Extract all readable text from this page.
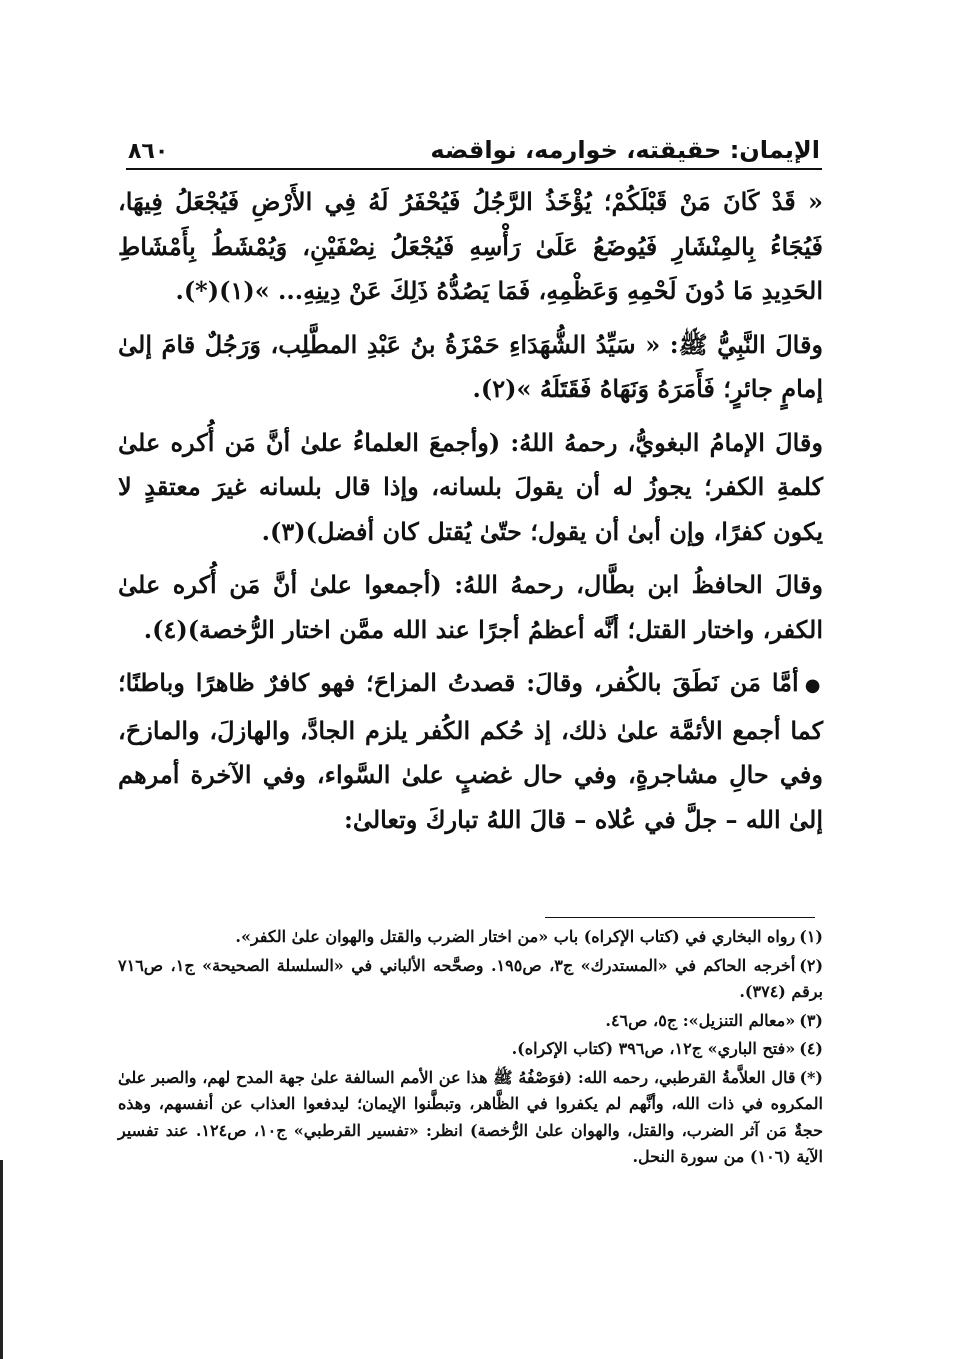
الإيمان: حقيقته، خوارمه، نواقضه
٨٦٠

« قَدْ كَانَ مَنْ قَبْلَكُمْ؛ يُؤْخَذُ الرَّجُلُ فَيُحْفَرُ لَهُ فِي الأَرْضِ فَيُجْعَلُ فِيهَا، فَيُجَاءُ بِالمِنْشَارِ فَيُوضَعُ عَلَىٰ رَأْسِهِ فَيُجْعَلُ نِصْفَيْنِ، وَيُمْشَطُ بِأَمْشَاطِ الحَدِيدِ مَا دُونَ لَحْمِهِ وَعَظْمِهِ، فَمَا يَصُدُّهُ ذَلِكَ عَنْ دِينِهِ... »(١)(*).

وقالَ النَّبِيُّ ﷺ: « سَيِّدُ الشُّهَدَاءِ حَمْزَةُ بنُ عَبْدِ المطَّلِب، وَرَجُلٌ قامَ إلىٰ إمامٍ جائرٍ؛ فَأَمَرَهُ وَنَهَاهُ فَقَتَلَهُ »(٢).

وقالَ الإمامُ البغويُّ، رحمهُ اللهُ: (وأجمعَ العلماءُ علىٰ أنَّ مَن أُكره علىٰ كلمةِ الكفر؛ يجوزُ له أن يقولَ بلسانه، وإذا قال بلسانه غيرَ معتقدٍ لا يكون كفرًا، وإن أبىٰ أن يقول؛ حتّىٰ يُقتل كان أفضل)(٣).

وقالَ الحافظُ ابن بطَّال، رحمهُ اللهُ: (أجمعوا علىٰ أنَّ مَن أُكره علىٰ الكفر، واختار القتل؛ أنَّه أعظمُ أجرًا عند الله ممَّن اختار الرُّخصة)(٤).

●أمَّا مَن نَطَقَ بالكُفر، وقالَ: قصدتُ المزاحَ؛ فهو كافرٌ ظاهرًا وباطنًا؛ كما أجمع الأئمَّة علىٰ ذلك، إذ حُكم الكُفر يلزم الجادَّ، والهازلَ، والمازحَ، وفي حالِ مشاجرةٍ، وفي حال غضبٍ علىٰ السَّواء، وفي الآخرة أمرهم إلىٰ الله – جلَّ في عُلاه – قالَ اللهُ تباركَ وتعالىٰ:

(١)رواه البخاري في (كتاب الإكراه) باب «من اختار الضرب والقتل والهوان علىٰ الكفر».

(٢)أخرجه الحاكم في «المستدرك» ج٣، ص١٩٥. وصحَّحه الألباني في «السلسلة الصحيحة» ج١، ص٧١٦ برقم (٣٧٤).

(٣)«معالم التنزيل»: ج٥، ص٤٦.

(٤)«فتح الباري» ج١٢، ص٣٩٦ (كتاب الإكراه).

(*)قال العلاَّمةُ القرطبي، رحمه الله: (فوَصْفُهُ ﷺ هذا عن الأمم السالفة علىٰ جهة المدح لهم، والصبر علىٰ المكروه في ذات الله، وأنَّهم لم يكفروا في الظَّاهر، وتبطَّنوا الإيمان؛ ليدفعوا العذاب عن أنفسهم، وهذه حجةٌ مَن آثر الضرب، والقتل، والهوان علىٰ الرُّخصة) انظر: «تفسير القرطبي» ج١٠، ص١٢٤. عند تفسير الآية (١٠٦) من سورة النحل.
